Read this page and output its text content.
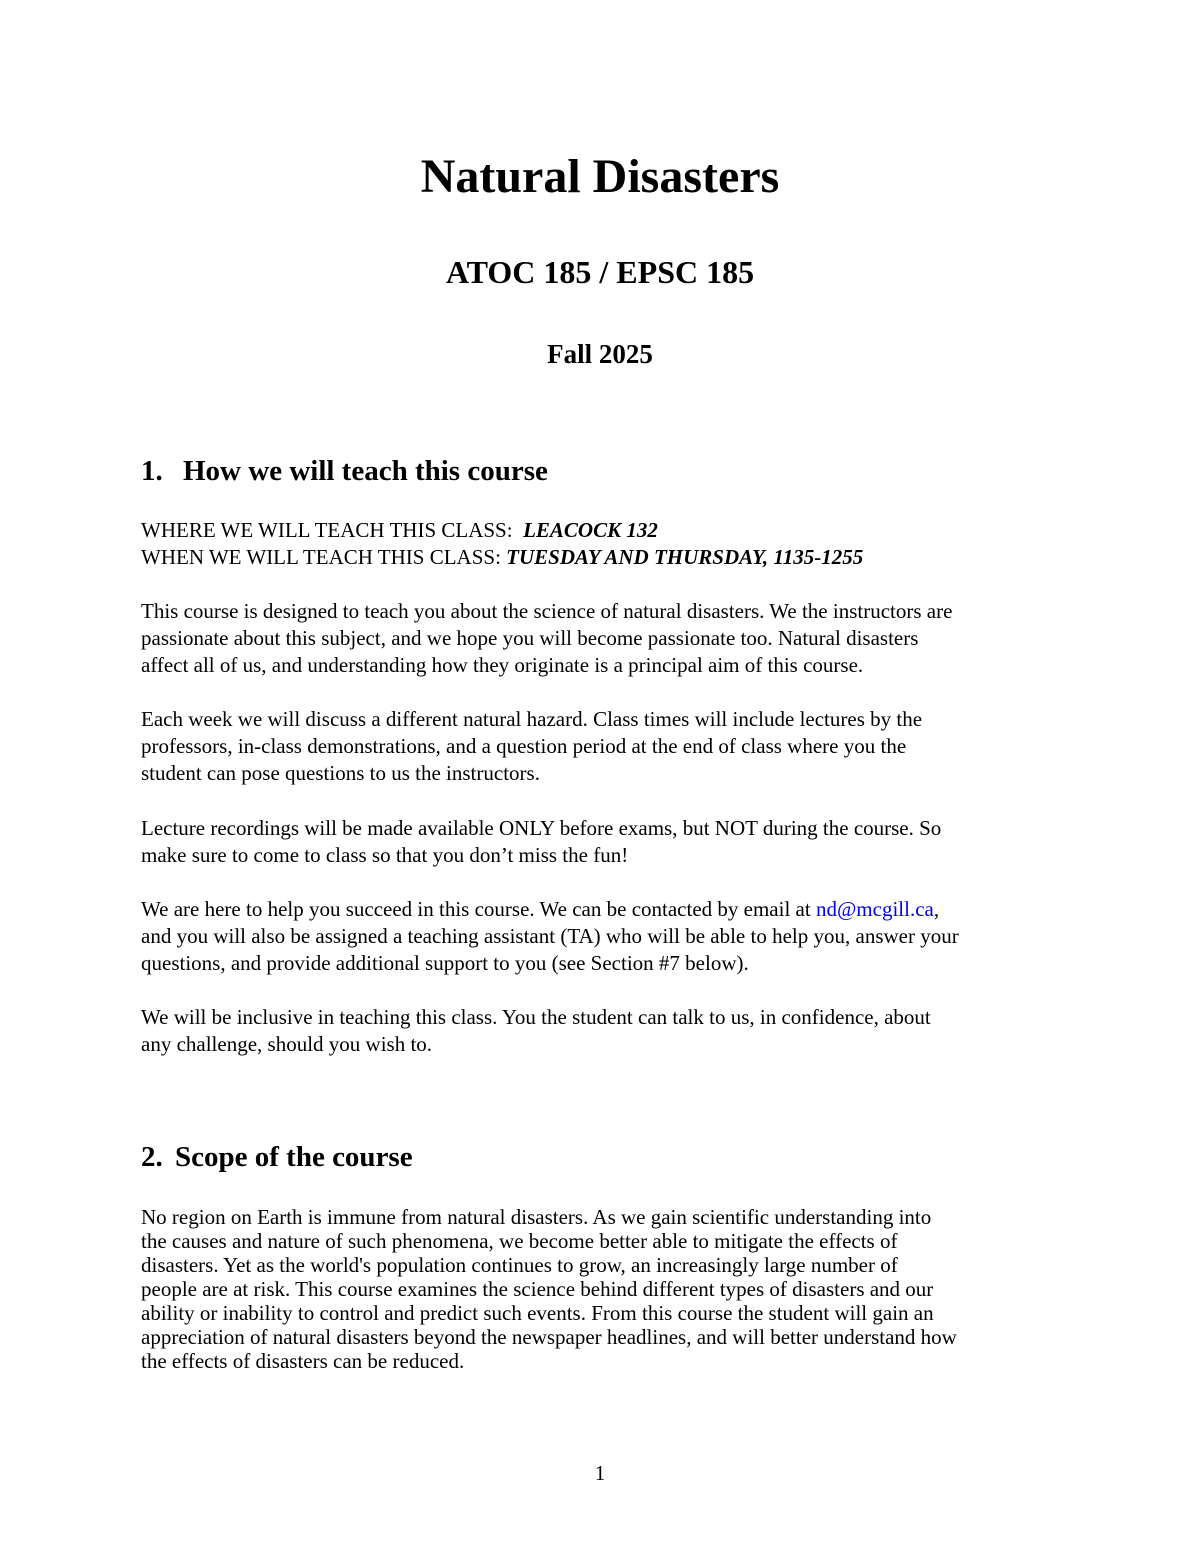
Natural Disasters
ATOC 185 / EPSC 185
Fall 2025
1. How we will teach this course
WHERE WE WILL TEACH THIS CLASS: LEACOCK 132
WHEN WE WILL TEACH THIS CLASS: TUESDAY AND THURSDAY, 1135-1255
This course is designed to teach you about the science of natural disasters. We the instructors are
passionate about this subject, and we hope you will become passionate too. Natural disasters
affect all of us, and understanding how they originate is a principal aim of this course.
Each week we will discuss a different natural hazard. Class times will include lectures by the
professors, in-class demonstrations, and a question period at the end of class where you the
student can pose questions to us the instructors.
Lecture recordings will be made available ONLY before exams, but NOT during the course. So
make sure to come to class so that you don’t miss the fun!
We are here to help you succeed in this course. We can be contacted by email at nd@mcgill.ca,
and you will also be assigned a teaching assistant (TA) who will be able to help you, answer your
questions, and provide additional support to you (see Section #7 below).
We will be inclusive in teaching this class. You the student can talk to us, in confidence, about
any challenge, should you wish to.
2. Scope of the course
No region on Earth is immune from natural disasters. As we gain scientific understanding into
the causes and nature of such phenomena, we become better able to mitigate the effects of
disasters. Yet as the world's population continues to grow, an increasingly large number of
people are at risk. This course examines the science behind different types of disasters and our
ability or inability to control and predict such events. From this course the student will gain an
appreciation of natural disasters beyond the newspaper headlines, and will better understand how
the effects of disasters can be reduced.
1
